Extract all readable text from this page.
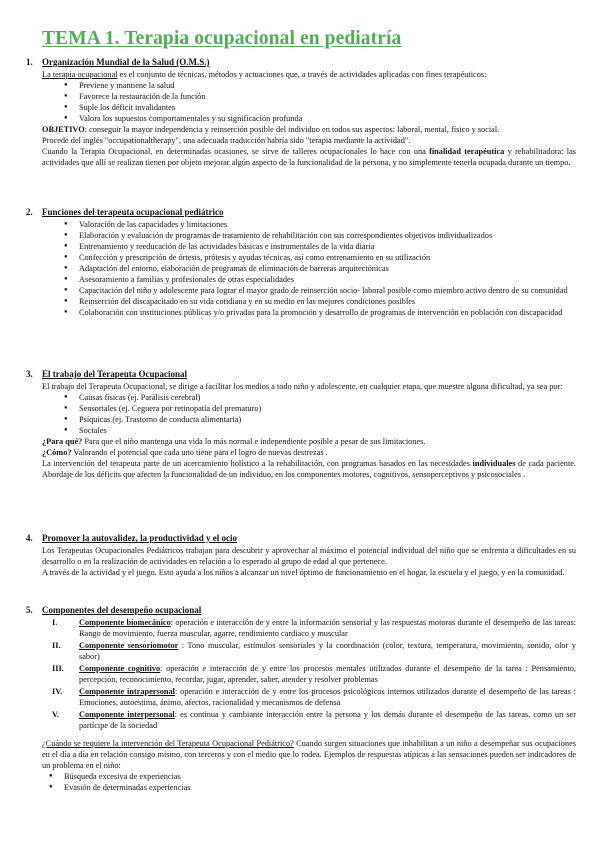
TEMA 1. Terapia ocupacional en pediatría
1.	Organización Mundial de la Salud (O.M.S.)
La terapia ocupacional es el conjunto de técnicas, métodos y actuaciones que, a través de actividades aplicadas con fines terapéuticos:
● Previene y mantiene la salud
● Favorece la restauración de la función
● Suple los déficit invalidantes
● Valora los supuestos comportamentales y su significación profunda
OBJETIVO: conseguir la mayor independencia y reinserción posible del individuo en todos sus aspectos: laboral, mental, físico y social.
Procede del inglés "occupationaltherapy", una adecuada traducción habría sido "terapia mediante la actividad".
Cuando la Terapia Ocupacional, en determinadas ocasiones, se sirve de talleres ocupacionales lo hace con una finalidad terapéutica y rehabilitadora: las actividades que allí se realizan tienen por objeto mejorar algún aspecto de la funcionalidad de la persona, y no simplemente tenerla ocupada durante un tiempo.
2.	Funciones del terapeuta ocupacional pediátrico
● Valoración de las capacidades y limitaciones
● Elaboración y evaluación de programas de tratamiento de rehabilitación con sus correspondientes objetivos individualizados
● Entrenamiento y reeducación de las actividades básicas e instrumentales de la vida diaria
● Confección y prescripción de órtesis, prótesis y ayudas técnicas, así como entrenamiento en su utilización
● Adaptación del entorno, elaboración de programas de eliminación de barreras arquitectónicas
● Asesoramiento a familias y profesionales de otras especialidades
● Capacitación del niño y adolescente para lograr el mayor grado de reinserción socio- laboral posible como miembro activo dentro de su comunidad
● Reinserción del discapacitado en su vida cotidiana y en su medio en las mejores condiciones posibles
● Colaboración con instituciones públicas y/o privadas para la promoción y desarrollo de programas de intervención en población con discapacidad
3.	El trabajo del Terapeuta Ocupacional
El trabajo del Terapeuta Ocupacional, se dirige a facilitar los medios a todo niño y adolescente, en cualquier etapa, que muestre alguna dificultad, ya sea por:
● Causas físicas (ej. Parálisis cerebral)
● Sensoriales (ej. Ceguera por retinopatía del prematuro)
● Psíquicas (ej. Trastorno de conducta alimentaria)
● Sociales
¿Para qué? Para que el niño mantenga una vida lo más normal e independiente posible a pesar de sus limitaciones.
¿Cómo? Valorando el potencial que cada uno tiene para el logro de nuevas destrezas .
La intervención del terapeuta parte de un acercamiento holístico a la rehabilitación, con programas basados en las necesidades individuales de cada paciente. Abordaje de los déficits que afecten la funcionalidad de un individuo, en los componentes motores, cognitivos, sensoperceptivos y psicosociales .
4.	Promover la autovalidez, la productividad y el ocio
Los Terapeutas Ocupacionales Pediátricos trabajan para descubrir y aprovechar al máximo el potencial individual del niño que se enfrenta a dificultades en su desarrollo o en la realización de actividades en relación a lo esperado al grupo de edad al que pertenece.
A través de la actividad y el juego. Esto ayuda a los niños a alcanzar un nivel óptimo de funcionamiento en el hogar, la escuela y el juego, y en la comunidad.
5.	Componentes del desempeño ocupacional
I.	Componente biomecánico: operación e interacción de y entre la información sensorial y las respuestas motoras durante el desempeño de las tareas: Rango de movimiento, fuerza muscular, agarre, rendimiento cardiaco y muscular
II.	Componente sensoriomotor : Tono muscular, estímulos sensoriales y la coordinación (color, textura, temperatura, movimiento, sonido, olor y sabor)
III.	Componente cognitivo: operación e interacción de y entre los procesos mentales utilizados durante el desempeño de la tarea : Pensamiento, percepción, reconocimiento, recordar, jugar, aprender, saber, atender y resolver problemas
IV.	Componente intrapersonal: operación e interacción de y entre los procesos psicológicos internos utilizados durante el desempeño de las tareas : Emociones, autoestima, ánimo, afectos, racionalidad y mecanismos de defensa
V.	Componente interpersonal: es continua y cambiante interacción entre la persona y los demás durante el desempeño de las tareas, como un ser partícipe de la sociedad
¿Cuándo se requiere la intervención del Terapeuta Ocupacional Pediátrico? Cuando surgen situaciones que inhabilitan a un niño a desempeñar sus ocupaciones en el día a día en relación consigo mismo, con terceros y con el medio que lo rodea. Ejemplos de respuestas atípicas a las sensaciones pueden ser indicadores de un problema en el niño:
● Búsqueda excesiva de experiencias
● Evasión de determinadas experiencias
